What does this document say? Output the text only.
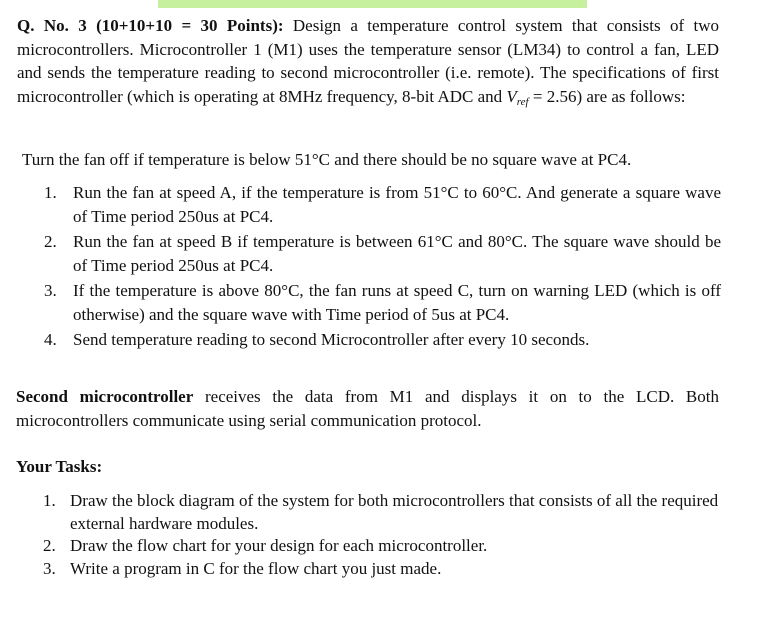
Q. No. 3 (10+10+10 = 30 Points): Design a temperature control system that consists of two microcontrollers. Microcontroller 1 (M1) uses the temperature sensor (LM34) to control a fan, LED and sends the temperature reading to second microcontroller (i.e. remote). The specifications of first microcontroller (which is operating at 8MHz frequency, 8-bit ADC and $V_{ref} = 2.56$) are as follows:
Turn the fan off if temperature is below 51°C and there should be no square wave at PC4.
1. Run the fan at speed A, if the temperature is from 51°C to 60°C. And generate a square wave of Time period 250us at PC4.
2. Run the fan at speed B if temperature is between 61°C and 80°C. The square wave should be of Time period 250us at PC4.
3. If the temperature is above 80°C, the fan runs at speed C, turn on warning LED (which is off otherwise) and the square wave with Time period of 5us at PC4.
4. Send temperature reading to second Microcontroller after every 10 seconds.
Second microcontroller receives the data from M1 and displays it on to the LCD. Both microcontrollers communicate using serial communication protocol.
Your Tasks:
1. Draw the block diagram of the system for both microcontrollers that consists of all the required external hardware modules.
2. Draw the flow chart for your design for each microcontroller.
3. Write a program in C for the flow chart you just made.
